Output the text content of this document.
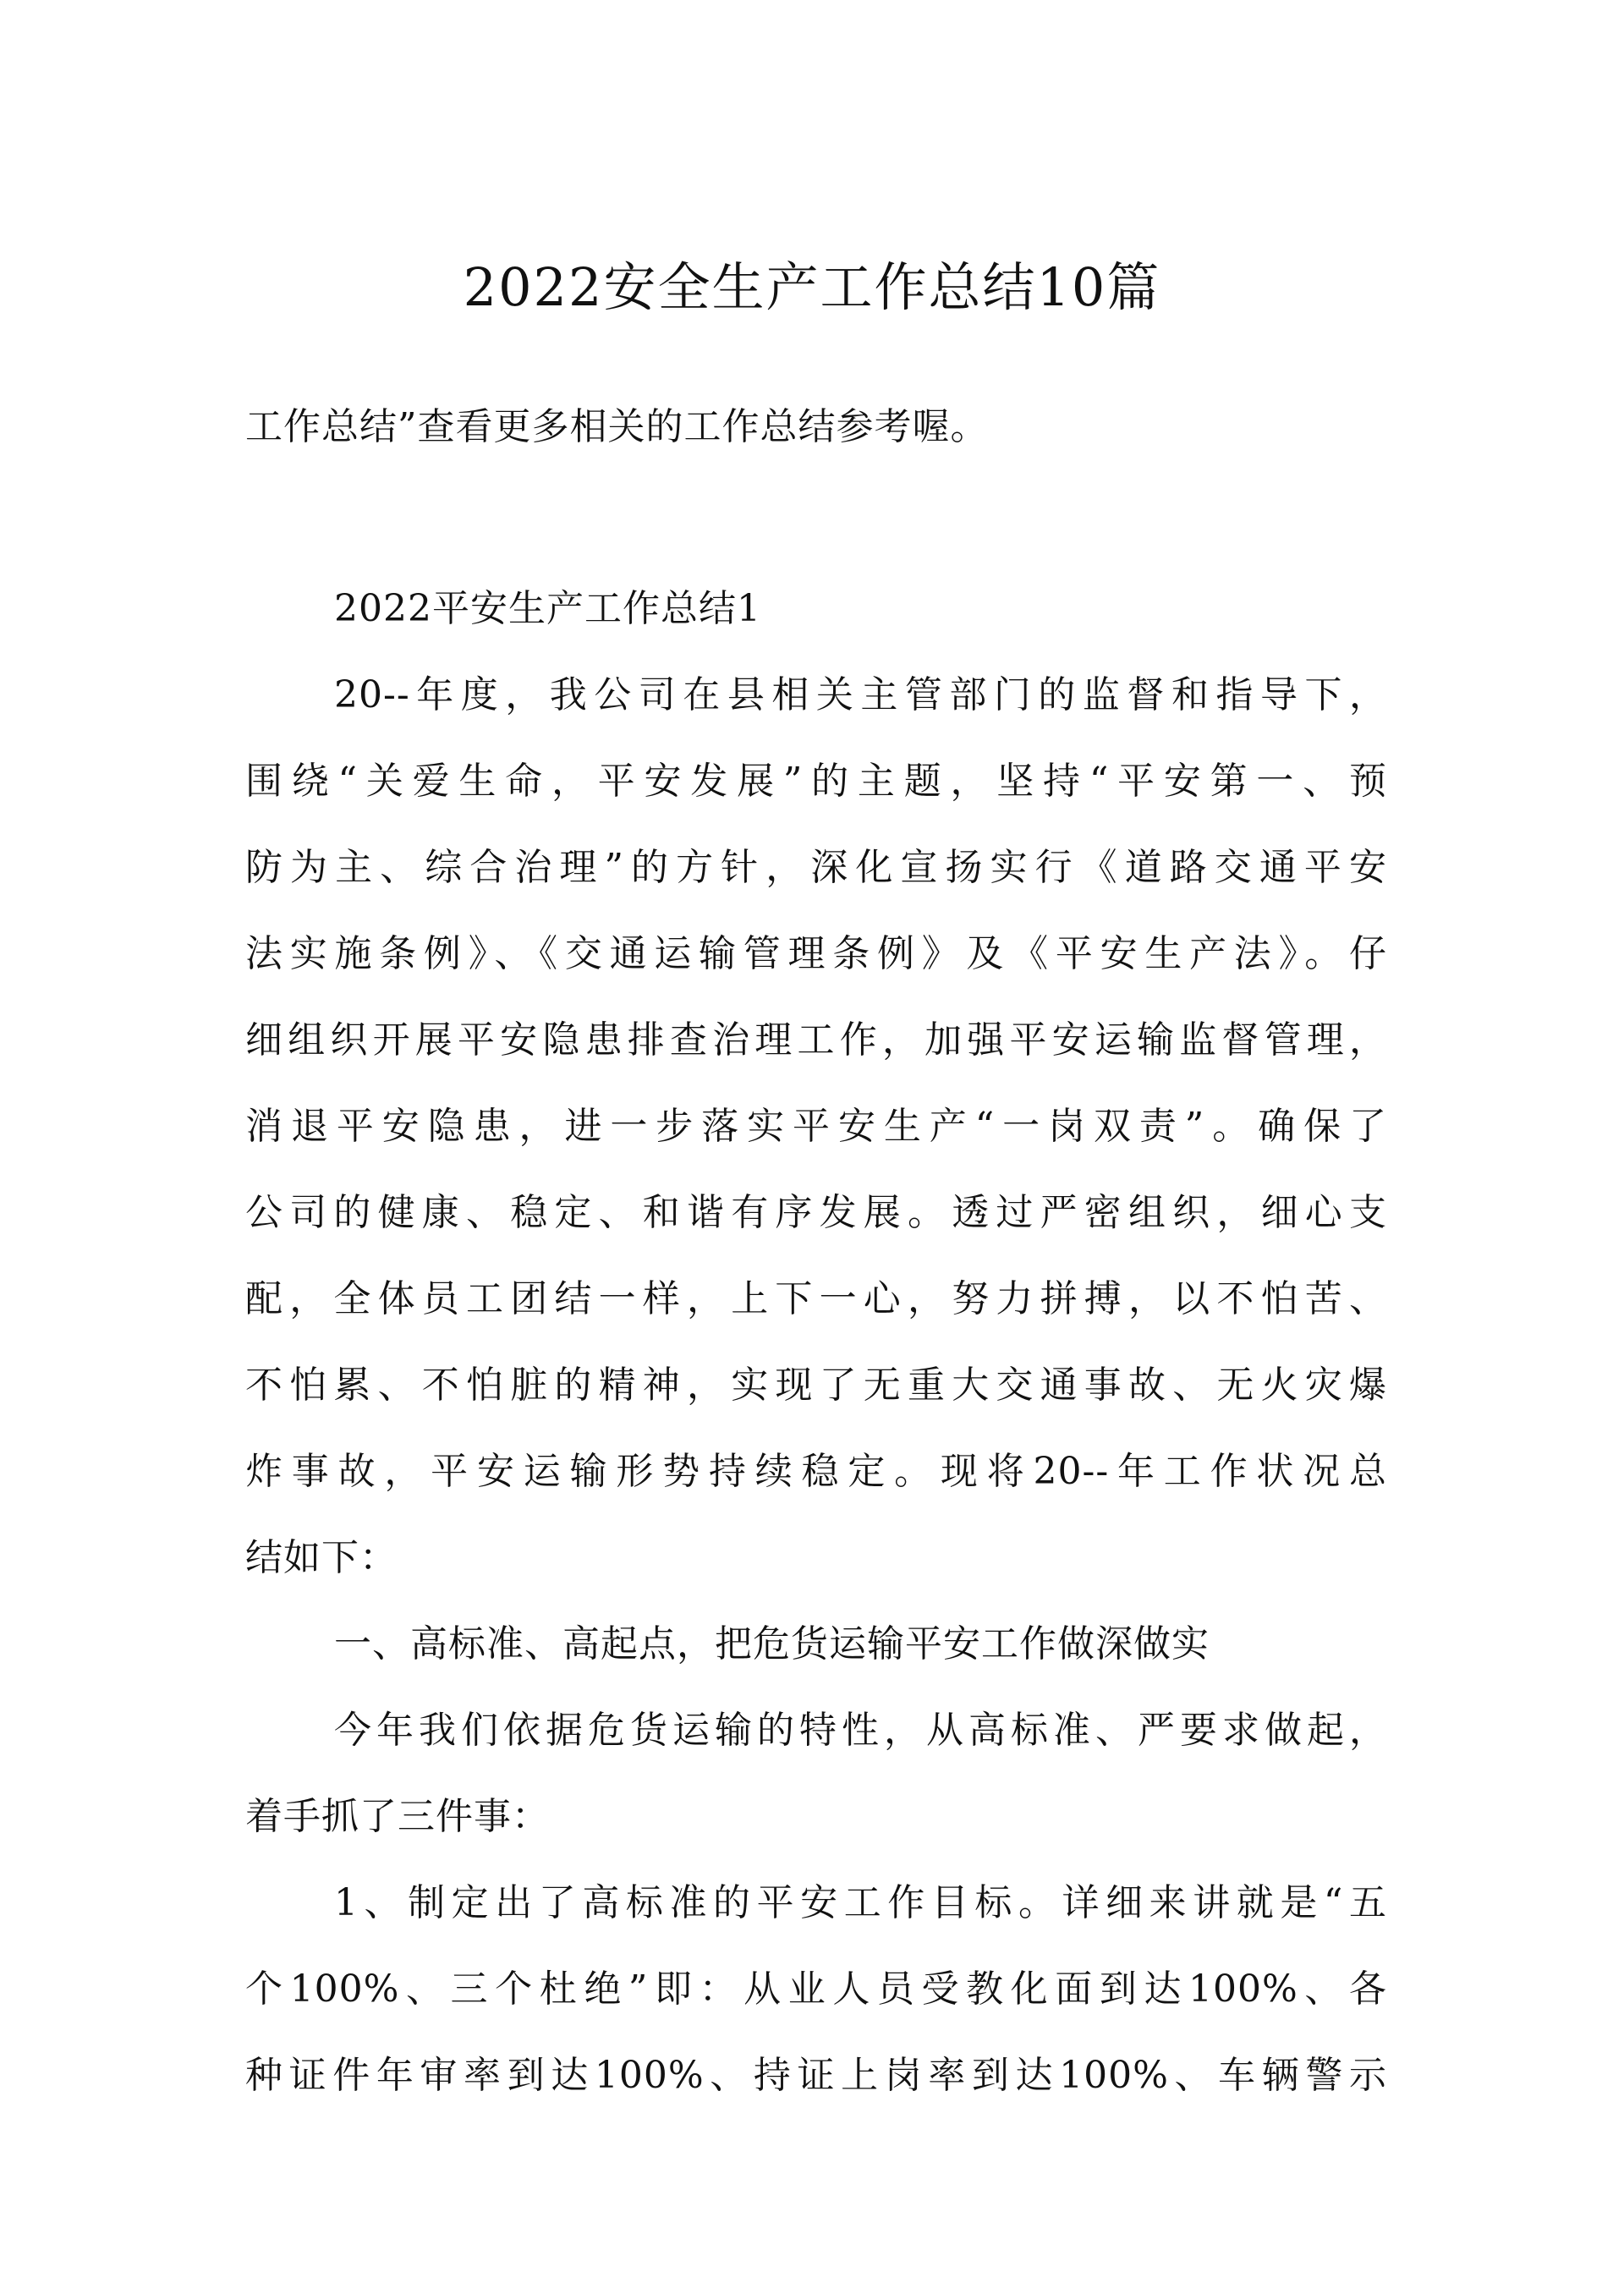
2022安全生产工作总结10篇
工作总结”查看更多相关的工作总结参考喔。
2022平安生产工作总结1
20--年度，我公司在县相关主管部门的监督和指导下，
围绕“关爱生命，平安发展”的主题，坚持“平安第一、预
防为主、综合治理”的方针，深化宣扬实行《道路交通平安
法实施条例》、《交通运输管理条例》及《平安生产法》。仔
细组织开展平安隐患排查治理工作，加强平安运输监督管理，
消退平安隐患，进一步落实平安生产“一岗双责”。确保了
公司的健康、稳定、和谐有序发展。透过严密组织，细心支
配，全体员工团结一样，上下一心，努力拼搏，以不怕苦、
不怕累、不怕脏的精神，实现了无重大交通事故、无火灾爆
炸事故，平安运输形势持续稳定。现将20--年工作状况总
结如下：
一、高标准、高起点，把危货运输平安工作做深做实
今年我们依据危货运输的特性，从高标准、严要求做起，
着手抓了三件事：
1、制定出了高标准的平安工作目标。详细来讲就是“五
个100%、三个杜绝”即：从业人员受教化面到达100%、各
种证件年审率到达100%、持证上岗率到达100%、车辆警示
